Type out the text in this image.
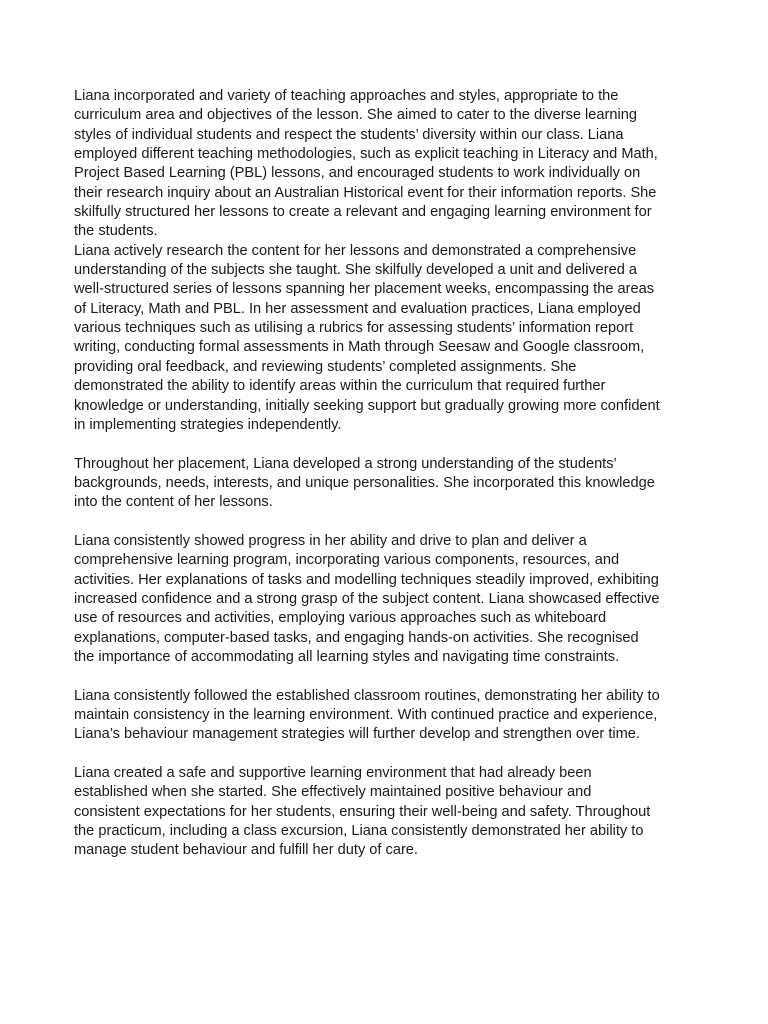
Liana incorporated and variety of teaching approaches and styles, appropriate to the
curriculum area and objectives of the lesson. She aimed to cater to the diverse learning
styles of individual students and respect the students’ diversity within our class. Liana
employed different teaching methodologies, such as explicit teaching in Literacy and Math,
Project Based Learning (PBL) lessons, and encouraged students to work individually on
their research inquiry about an Australian Historical event for their information reports. She
skilfully structured her lessons to create a relevant and engaging learning environment for
the students.

Liana actively research the content for her lessons and demonstrated a comprehensive
understanding of the subjects she taught. She skilfully developed a unit and delivered a
well-structured series of lessons spanning her placement weeks, encompassing the areas
of Literacy, Math and PBL. In her assessment and evaluation practices, Liana employed
various techniques such as utilising a rubrics for assessing students’ information report
writing, conducting formal assessments in Math through Seesaw and Google classroom,
providing oral feedback, and reviewing students’ completed assignments. She
demonstrated the ability to identify areas within the curriculum that required further
knowledge or understanding, initially seeking support but gradually growing more confident
in implementing strategies independently.

Throughout her placement, Liana developed a strong understanding of the students’
backgrounds, needs, interests, and unique personalities. She incorporated this knowledge
into the content of her lessons.

Liana consistently showed progress in her ability and drive to plan and deliver a
comprehensive learning program, incorporating various components, resources, and
activities. Her explanations of tasks and modelling techniques steadily improved, exhibiting
increased confidence and a strong grasp of the subject content. Liana showcased effective
use of resources and activities, employing various approaches such as whiteboard
explanations, computer-based tasks, and engaging hands-on activities. She recognised
the importance of accommodating all learning styles and navigating time constraints.

Liana consistently followed the established classroom routines, demonstrating her ability to
maintain consistency in the learning environment. With continued practice and experience,
Liana’s behaviour management strategies will further develop and strengthen over time.

Liana created a safe and supportive learning environment that had already been
established when she started. She effectively maintained positive behaviour and
consistent expectations for her students, ensuring their well-being and safety. Throughout
the practicum, including a class excursion, Liana consistently demonstrated her ability to
manage student behaviour and fulfill her duty of care.
